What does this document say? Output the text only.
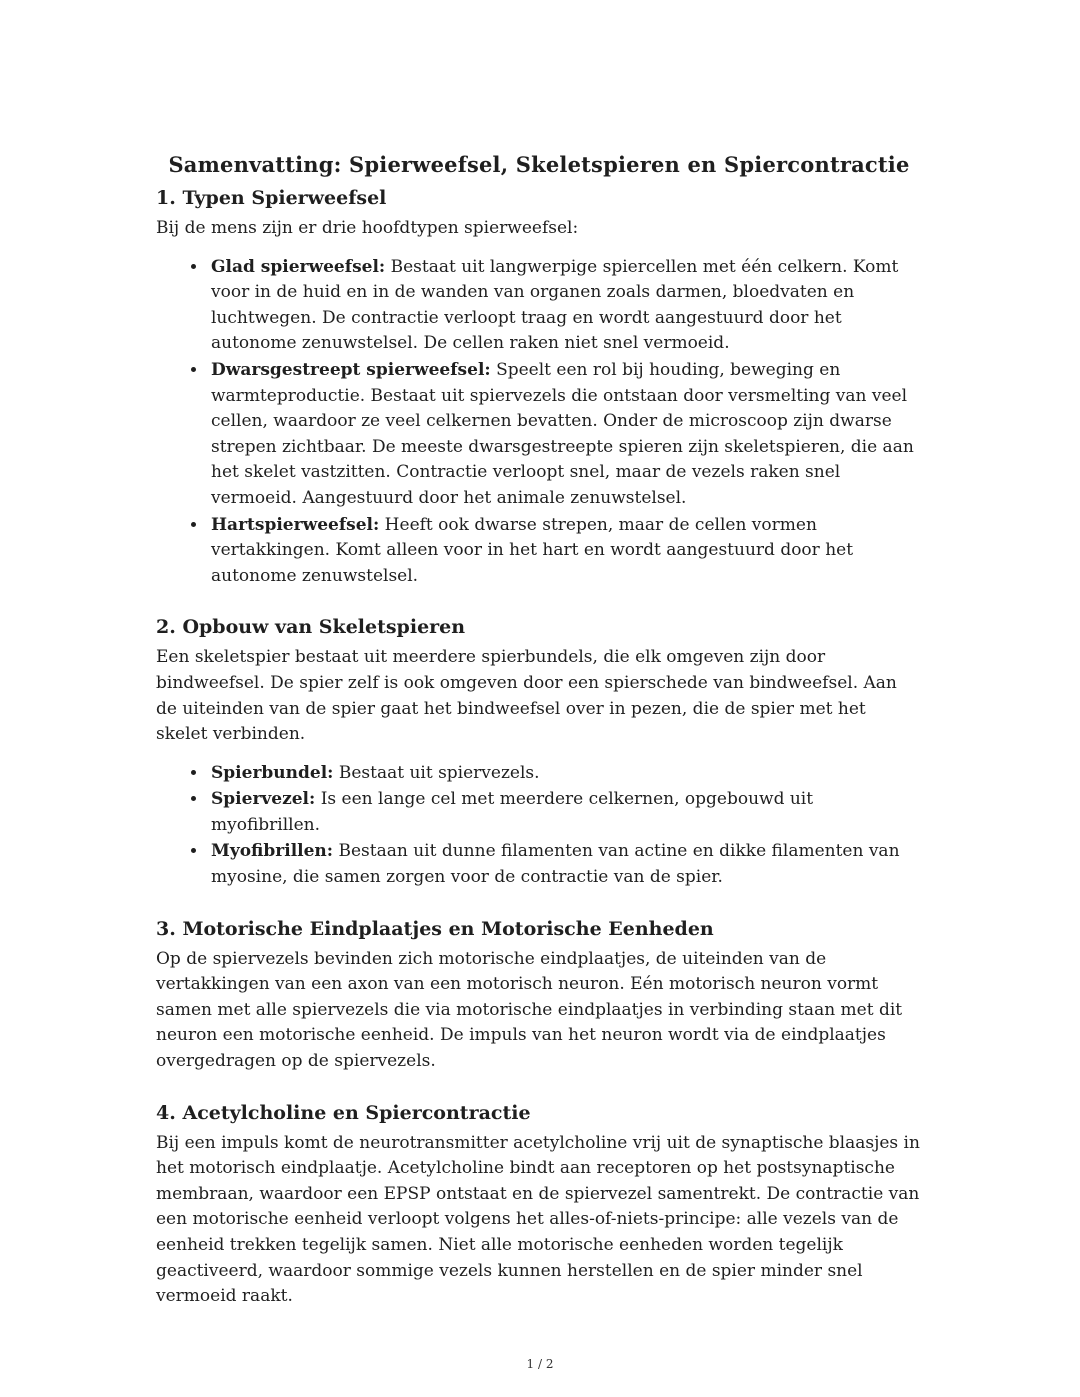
Samenvatting: Spierweefsel, Skeletspieren en Spiercontractie
1. Typen Spierweefsel

Bij de mens zijn er drie hoofdtypen spierweefsel:

• Glad spierweefsel: Bestaat uit langwerpige spiercellen met één celkern. Komt voor in de huid en in de wanden van organen zoals darmen, bloedvaten en luchtwegen. De contractie verloopt traag en wordt aangestuurd door het autonome zenuwstelsel. De cellen raken niet snel vermoeid.
• Dwarsgestreept spierweefsel: Speelt een rol bij houding, beweging en warmteproductie. Bestaat uit spiervezels die ontstaan door versmelting van veel cellen, waardoor ze veel celkernen bevatten. Onder de microscoop zijn dwarse strepen zichtbaar. De meeste dwarsgestreepte spieren zijn skeletspieren, die aan het skelet vastzitten. Contractie verloopt snel, maar de vezels raken snel vermoeid. Aangestuurd door het animale zenuwstelsel.
• Hartspierweefsel: Heeft ook dwarse strepen, maar de cellen vormen vertakkingen. Komt alleen voor in het hart en wordt aangestuurd door het autonome zenuwstelsel.
2. Opbouw van Skeletspieren

Een skeletspier bestaat uit meerdere spierbundels, die elk omgeven zijn door bindweefsel. De spier zelf is ook omgeven door een spierschede van bindweefsel. Aan de uiteinden van de spier gaat het bindweefsel over in pezen, die de spier met het skelet verbinden.

• Spierbundel: Bestaat uit spiervezels.
• Spiervezel: Is een lange cel met meerdere celkernen, opgebouwd uit myofibrillen.
• Myofibrillen: Bestaan uit dunne filamenten van actine en dikke filamenten van myosine, die samen zorgen voor de contractie van de spier.
3. Motorische Eindplaatjes en Motorische Eenheden

Op de spiervezels bevinden zich motorische eindplaatjes, de uiteinden van de vertakkingen van een axon van een motorisch neuron. Eén motorisch neuron vormt samen met alle spiervezels die via motorische eindplaatjes in verbinding staan met dit neuron een motorische eenheid. De impuls van het neuron wordt via de eindplaatjes overgedragen op de spiervezels.

4. Acetylcholine en Spiercontractie

Bij een impuls komt de neurotransmitter acetylcholine vrij uit de synaptische blaasjes in het motorisch eindplaatje. Acetylcholine bindt aan receptoren op het postsynaptische membraan, waardoor een EPSP ontstaat en de spiervezel samentrekt. De contractie van een motorische eenheid verloopt volgens het alles-of-niets-principe: alle vezels van de eenheid trekken tegelijk samen. Niet alle motorische eenheden worden tegelijk geactiveerd, waardoor sommige vezels kunnen herstellen en de spier minder snel vermoeid raakt.

1 / 2
